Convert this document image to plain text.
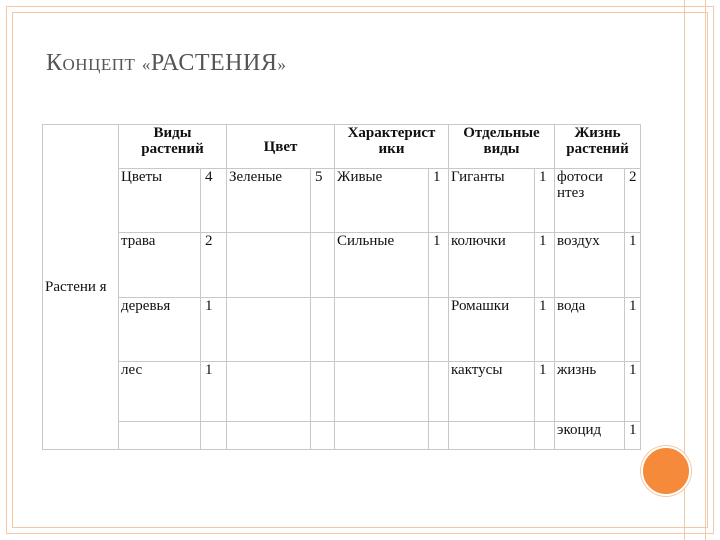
КОНЦЕПТ «РАСТЕНИЯ»
Растени я	Виды растений		Цвет		Характерист ики		Отдельные виды		Жизнь растений	
	Цветы	4	Зеленые	5	Живые	1	Гиганты	1	фотоси нтез	2
	трава	2			Сильные	1	колючки	1	воздух	1
	деревья	1					Ромашки	1	вода	1
	лес	1					кактусы	1	жизнь	1
									экоцид	1
